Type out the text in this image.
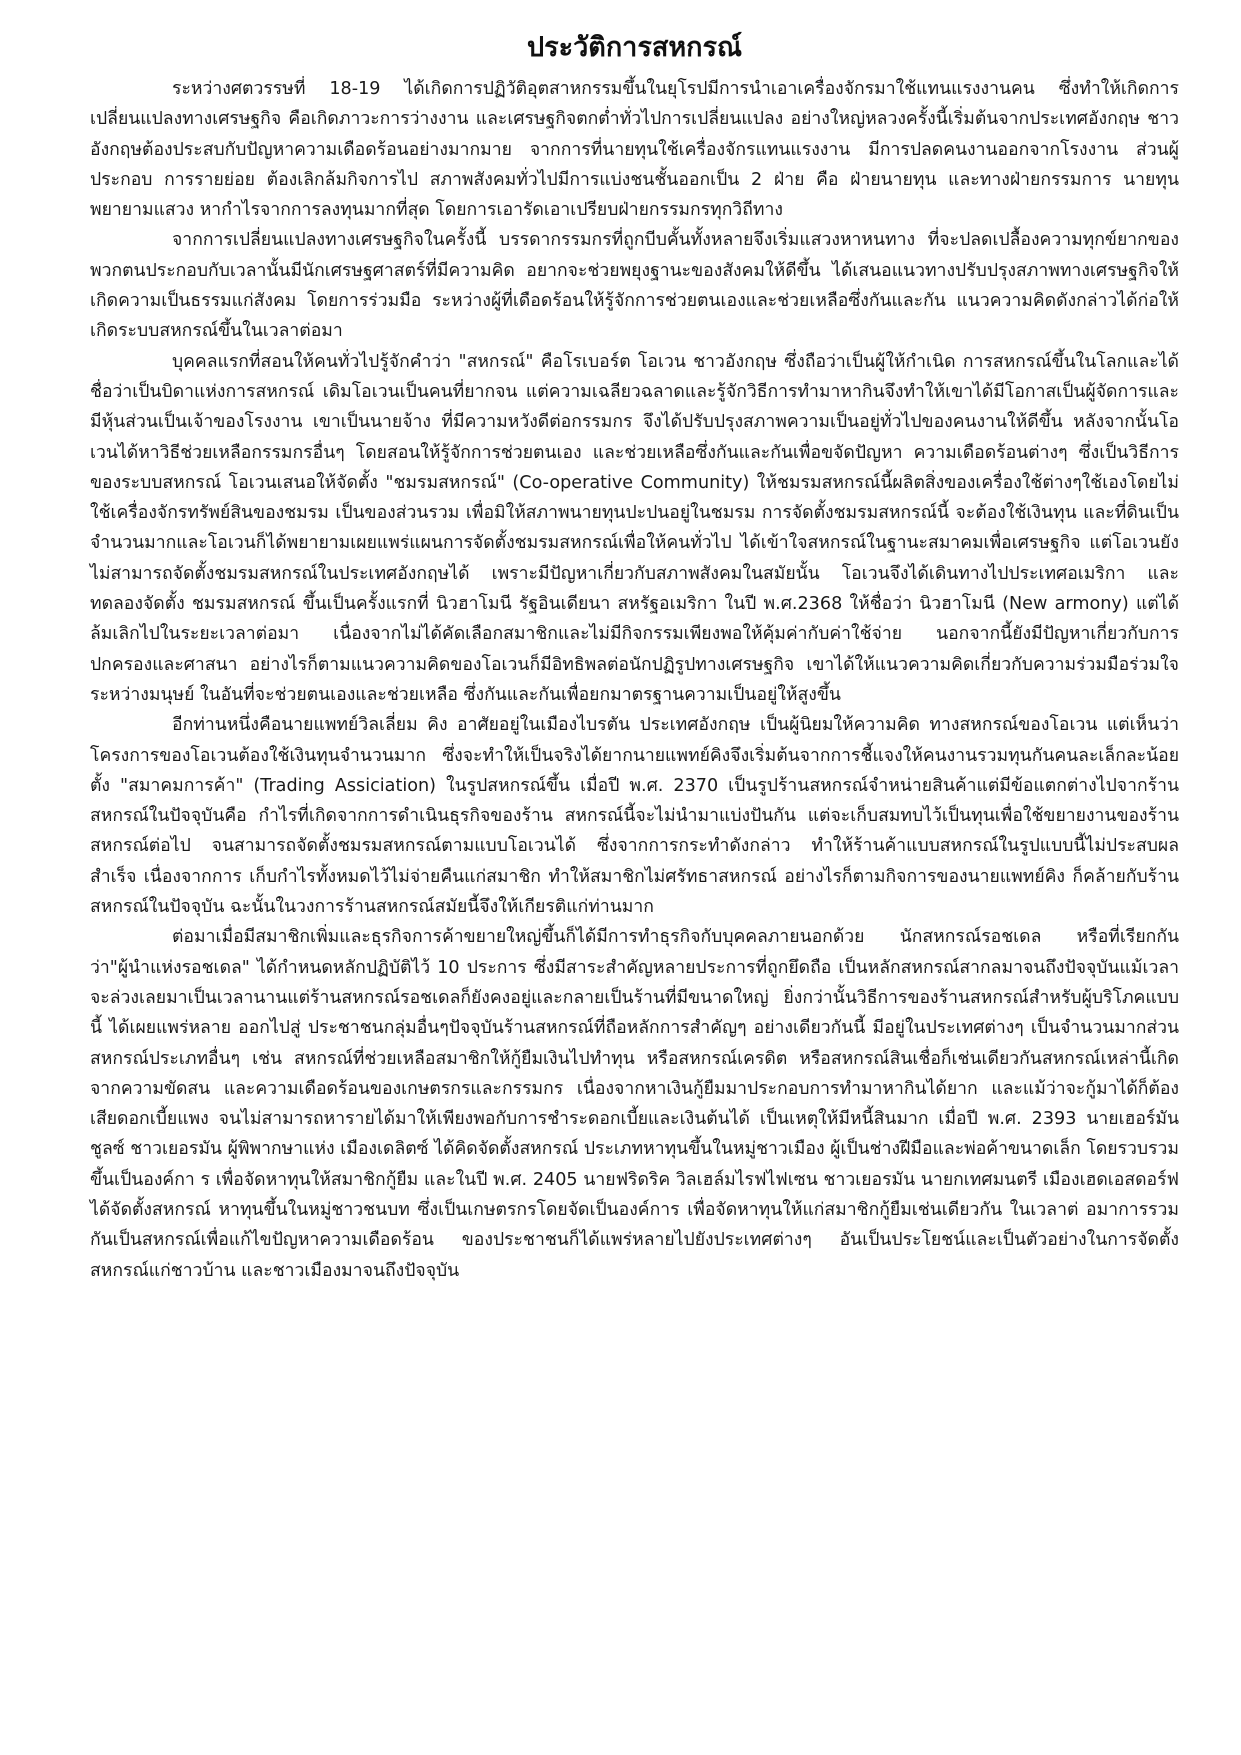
ประวัติการสหกรณ์

ระหว่างศตวรรษที่ 18-19 ได้เกิดการปฏิวัติอุตสาหกรรมขึ้นในยุโรปมีการนำเอาเครื่องจักรมาใช้แทนแรงงานคน ซึ่งทำให้เกิดการเปลี่ยนแปลงทางเศรษฐกิจ คือเกิดภาวะการว่างงาน และเศรษฐกิจตกต่ำทั่วไปการเปลี่ยนแปลง อย่างใหญ่หลวงครั้งนี้เริ่มต้นจากประเทศอังกฤษ ชาวอังกฤษต้องประสบกับปัญหาความเดือดร้อนอย่างมากมาย จากการที่นายทุนใช้เครื่องจักรแทนแรงงาน มีการปลดคนงานออกจากโรงงาน ส่วนผู้ประกอบ การรายย่อย ต้องเลิกล้มกิจการไป สภาพสังคมทั่วไปมีการแบ่งชนชั้นออกเป็น 2 ฝ่าย คือ ฝ่ายนายทุน และทางฝ่ายกรรมการ นายทุนพยายามแสวง หากำไรจากการลงทุนมากที่สุด โดยการเอารัดเอาเปรียบฝ่ายกรรมกรทุกวิถีทาง

จากการเปลี่ยนแปลงทางเศรษฐกิจในครั้งนี้ บรรดากรรมกรที่ถูกบีบคั้นทั้งหลายจึงเริ่มแสวงหาหนทาง ที่จะปลดเปลื้องความทุกข์ยากของพวกตนประกอบกับเวลานั้นมีนักเศรษฐศาสตร์ที่มีความคิด อยากจะช่วยพยุงฐานะของสังคมให้ดีขึ้น ได้เสนอแนวทางปรับปรุงสภาพทางเศรษฐกิจให้เกิดความเป็นธรรมแก่สังคม โดยการร่วมมือ ระหว่างผู้ที่เดือดร้อนให้รู้จักการช่วยตนเองและช่วยเหลือซึ่งกันและกัน แนวความคิดดังกล่าวได้ก่อให้เกิดระบบสหกรณ์ขึ้นในเวลาต่อมา

บุคคลแรกที่สอนให้คนทั่วไปรู้จักคำว่า "สหกรณ์" คือโรเบอร์ต โอเวน ชาวอังกฤษ ซึ่งถือว่าเป็นผู้ให้กำเนิด การสหกรณ์ขึ้นในโลกและได้ชื่อว่าเป็นบิดาแห่งการสหกรณ์ เดิมโอเวนเป็นคนที่ยากจน แต่ความเฉลียวฉลาดและรู้จักวิธีการทำมาหากินจึงทำให้เขาได้มีโอกาสเป็นผู้จัดการและมีหุ้นส่วนเป็นเจ้าของโรงงาน เขาเป็นนายจ้าง ที่มีความหวังดีต่อกรรมกร จึงได้ปรับปรุงสภาพความเป็นอยู่ทั่วไปของคนงานให้ดีขึ้น หลังจากนั้นโอเวนได้หาวิธีช่วยเหลือกรรมกรอื่นๆ โดยสอนให้รู้จักการช่วยตนเอง และช่วยเหลือซึ่งกันและกันเพื่อขจัดปัญหา ความเดือดร้อนต่างๆ ซึ่งเป็นวิธีการของระบบสหกรณ์ โอเวนเสนอให้จัดตั้ง "ชมรมสหกรณ์" (Co-operative Community) ให้ชมรมสหกรณ์นี้ผลิตสิ่งของเครื่องใช้ต่างๆใช้เองโดยไม่ใช้เครื่องจักรทรัพย์สินของชมรม เป็นของส่วนรวม เพื่อมิให้สภาพนายทุนปะปนอยู่ในชมรม การจัดตั้งชมรมสหกรณ์นี้ จะต้องใช้เงินทุน และที่ดินเป็นจำนวนมากและโอเวนก็ได้พยายามเผยแพร่แผนการจัดตั้งชมรมสหกรณ์เพื่อให้คนทั่วไป ได้เข้าใจสหกรณ์ในฐานะสมาคมเพื่อเศรษฐกิจ แต่โอเวนยังไม่สามารถจัดตั้งชมรมสหกรณ์ในประเทศอังกฤษได้ เพราะมีปัญหาเกี่ยวกับสภาพสังคมในสมัยนั้น โอเวนจึงได้เดินทางไปประเทศอเมริกา และทดลองจัดตั้ง ชมรมสหกรณ์ ขึ้นเป็นครั้งแรกที่ นิวฮาโมนี รัฐอินเดียนา สหรัฐอเมริกา ในปี พ.ศ.2368 ให้ชื่อว่า นิวฮาโมนี (New armony) แต่ได้ล้มเลิกไปในระยะเวลาต่อมา เนื่องจากไม่ได้คัดเลือกสมาชิกและไม่มีกิจกรรมเพียงพอให้คุ้มค่ากับค่าใช้จ่าย นอกจากนี้ยังมีปัญหาเกี่ยวกับการปกครองและศาสนา อย่างไรก็ตามแนวความคิดของโอเวนก็มีอิทธิพลต่อนักปฏิรูปทางเศรษฐกิจ เขาได้ให้แนวความคิดเกี่ยวกับความร่วมมือร่วมใจระหว่างมนุษย์ ในอันที่จะช่วยตนเองและช่วยเหลือ ซึ่งกันและกันเพื่อยกมาตรฐานความเป็นอยู่ให้สูงขึ้น

อีกท่านหนึ่งคือนายแพทย์วิลเลี่ยม คิง อาศัยอยู่ในเมืองไบรตัน ประเทศอังกฤษ เป็นผู้นิยมให้ความคิด ทางสหกรณ์ของโอเวน แต่เห็นว่าโครงการของโอเวนต้องใช้เงินทุนจำนวนมาก ซึ่งจะทำให้เป็นจริงได้ยากนายแพทย์คิงจึงเริ่มต้นจากการชี้แจงให้คนงานรวมทุนกันคนละเล็กละน้อยตั้ง "สมาคมการค้า" (Trading Assiciation) ในรูปสหกรณ์ขึ้น เมื่อปี พ.ศ. 2370 เป็นรูปร้านสหกรณ์จำหน่ายสินค้าแต่มีข้อแตกต่างไปจากร้านสหกรณ์ในปัจจุบันคือ กำไรที่เกิดจากการดำเนินธุรกิจของร้าน สหกรณ์นี้จะไม่นำมาแบ่งปันกัน แต่จะเก็บสมทบไว้เป็นทุนเพื่อใช้ขยายงานของร้านสหกรณ์ต่อไป จนสามารถจัดตั้งชมรมสหกรณ์ตามแบบโอเวนได้ ซึ่งจากการกระทำดังกล่าว ทำให้ร้านค้าแบบสหกรณ์ในรูปแบบนี้ไม่ประสบผลสำเร็จ เนื่องจากการ เก็บกำไรทั้งหมดไว้ไม่จ่ายคืนแก่สมาชิก ทำให้สมาชิกไม่ศรัทธาสหกรณ์ อย่างไรก็ตามกิจการของนายแพทย์คิง ก็คล้ายกับร้านสหกรณ์ในปัจจุบัน ฉะนั้นในวงการร้านสหกรณ์สมัยนี้จึงให้เกียรติแก่ท่านมาก

ต่อมาเมื่อมีสมาชิกเพิ่มและธุรกิจการค้าขยายใหญ่ขึ้นก็ได้มีการทำธุรกิจกับบุคคลภายนอกด้วย นักสหกรณ์รอชเดล หรือที่เรียกกันว่า"ผู้นำแห่งรอชเดล" ได้กำหนดหลักปฏิบัติไว้ 10 ประการ ซึ่งมีสาระสำคัญหลายประการที่ถูกยึดถือ เป็นหลักสหกรณ์สากลมาจนถึงปัจจุบันแม้เวลาจะล่วงเลยมาเป็นเวลานานแต่ร้านสหกรณ์รอชเดลก็ยังคงอยู่และกลายเป็นร้านที่มีขนาดใหญ่ ยิ่งกว่านั้นวิธีการของร้านสหกรณ์สำหรับผู้บริโภคแบบนี้ ได้เผยแพร่หลาย ออกไปสู่ ประชาชนกลุ่มอื่นๆปัจจุบันร้านสหกรณ์ที่ถือหลักการสำคัญๆ อย่างเดียวกันนี้ มีอยู่ในประเทศต่างๆ เป็นจำนวนมากส่วนสหกรณ์ประเภทอื่นๆ เช่น สหกรณ์ที่ช่วยเหลือสมาชิกให้กู้ยืมเงินไปทำทุน หรือสหกรณ์เครดิต หรือสหกรณ์สินเชื่อก็เช่นเดียวกันสหกรณ์เหล่านี้เกิดจากความขัดสน และความเดือดร้อนของเกษตรกรและกรรมกร เนื่องจากหาเงินกู้ยืมมาประกอบการทำมาหากินได้ยาก และแม้ว่าจะกู้มาได้ก็ต้องเสียดอกเบี้ยแพง จนไม่สามารถหารายได้มาให้เพียงพอกับการชำระดอกเบี้ยและเงินต้นได้ เป็นเหตุให้มีหนี้สินมาก เมื่อปี พ.ศ. 2393 นายเฮอร์มัน ชูลซ์ ชาวเยอรมัน ผู้พิพากษาแห่ง เมืองเดลิตซ์ ได้คิดจัดตั้งสหกรณ์ ประเภทหาทุนขึ้นในหมู่ชาวเมือง ผู้เป็นช่างฝีมือและพ่อค้าขนาดเล็ก โดยรวบรวมขึ้นเป็นองค์กา ร เพื่อจัดหาทุนให้สมาชิกกู้ยืม และในปี พ.ศ. 2405 นายฟริดริค วิลเฮล์มไรฟไฟเซน ชาวเยอรมัน นายกเทศมนตรี เมืองเฮดเอสดอร์ฟได้จัดตั้งสหกรณ์ หาทุนขึ้นในหมู่ชาวชนบท ซึ่งเป็นเกษตรกรโดยจัดเป็นองค์การ เพื่อจัดหาทุนให้แก่สมาชิกกู้ยืมเช่นเดียวกัน ในเวลาต่ อมาการรวมกันเป็นสหกรณ์เพื่อแก้ไขปัญหาความเดือดร้อน ของประชาชนก็ได้แพร่หลายไปยังประเทศต่างๆ อันเป็นประโยชน์และเป็นตัวอย่างในการจัดตั้งสหกรณ์แก่ชาวบ้าน และชาวเมืองมาจนถึงปัจจุบัน
